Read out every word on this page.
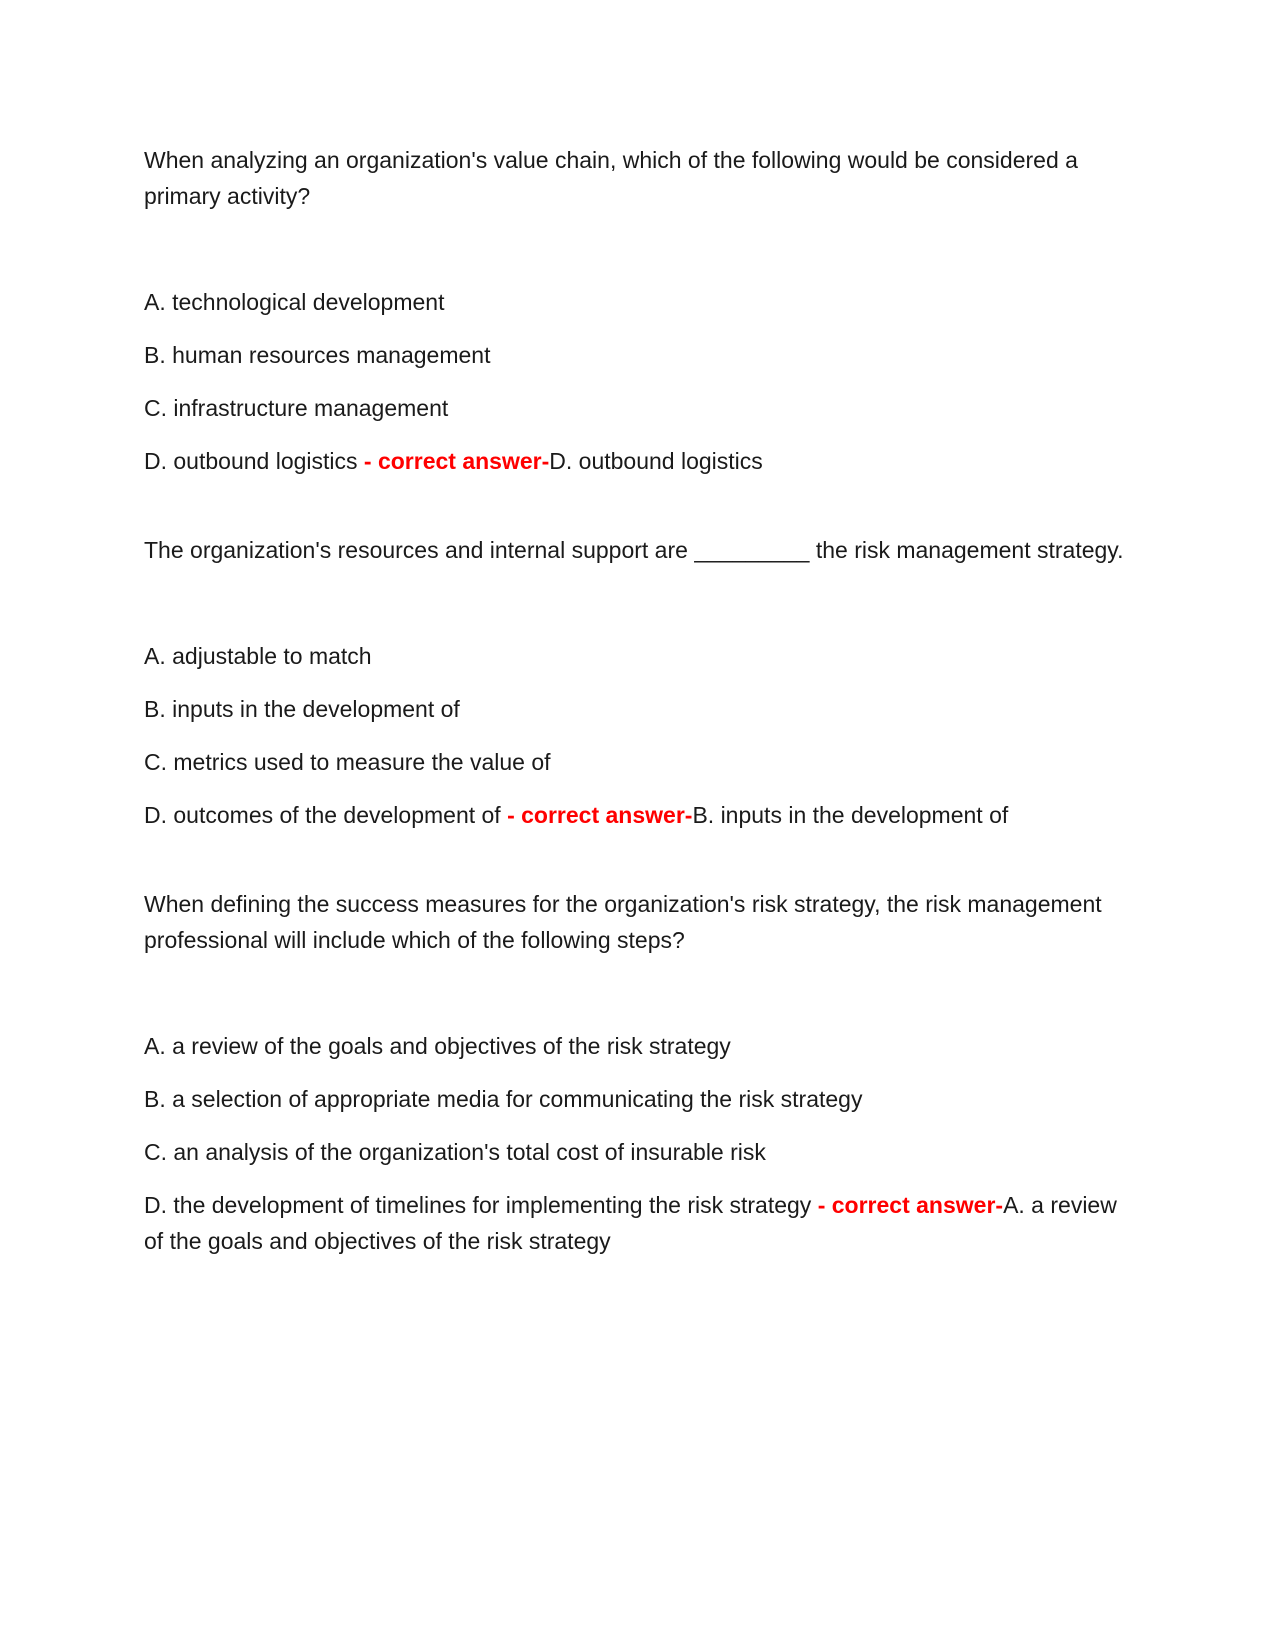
When analyzing an organization's value chain, which of the following would be considered a primary activity?

A. technological development

B. human resources management

C. infrastructure management

D. outbound logistics - correct answer-D. outbound logistics

The organization's resources and internal support are _________ the risk management strategy.

A. adjustable to match

B. inputs in the development of

C. metrics used to measure the value of

D. outcomes of the development of - correct answer-B. inputs in the development of

When defining the success measures for the organization's risk strategy, the risk management professional will include which of the following steps?

A. a review of the goals and objectives of the risk strategy

B. a selection of appropriate media for communicating the risk strategy

C. an analysis of the organization's total cost of insurable risk

D. the development of timelines for implementing the risk strategy - correct answer-A. a review of the goals and objectives of the risk strategy
